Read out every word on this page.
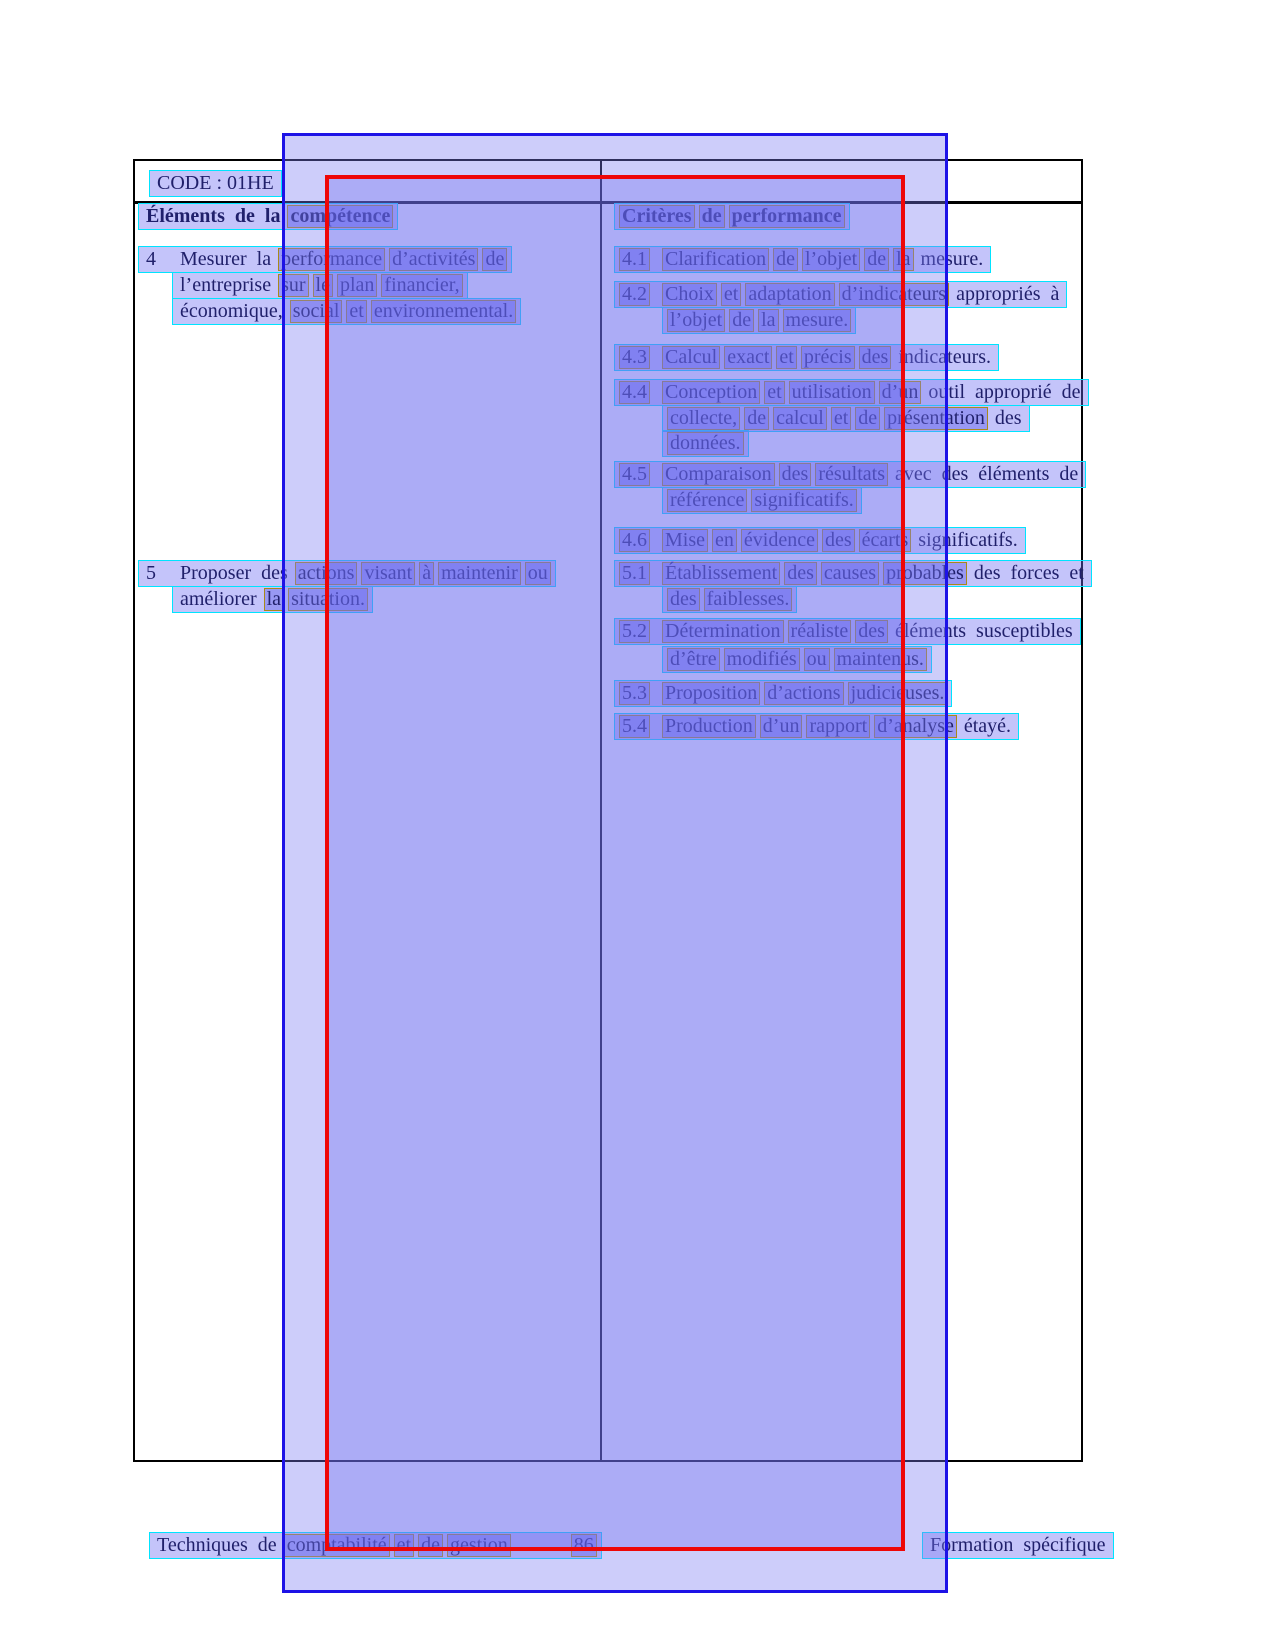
CODE : 01HE
Éléments de la compétence	Critères de performance
4 Mesurer la performance d’activités de
l’entreprise sur le plan financier,
économique, social et environnemental.
4.1 Clarification de l’objet de la mesure.
4.2 Choix et adaptation d’indicateurs appropriés à
l’objet de la mesure.
4.3 Calcul exact et précis des indicateurs.
4.4 Conception et utilisation d’un outil approprié de
collecte, de calcul et de présentation des
données.
4.5 Comparaison des résultats avec des éléments de
référence significatifs.
4.6 Mise en évidence des écarts significatifs.
5 Proposer des actions visant à maintenir ou
améliorer la situation.
5.1 Établissement des causes probables des forces et
des faiblesses.
5.2 Détermination réaliste des éléments susceptibles
d’être modifiés ou maintenus.
5.3 Proposition d’actions judicieuses.
5.4 Production d’un rapport d’analyse étayé.
Techniques de comptabilité et de gestion	86	Formation spécifique
